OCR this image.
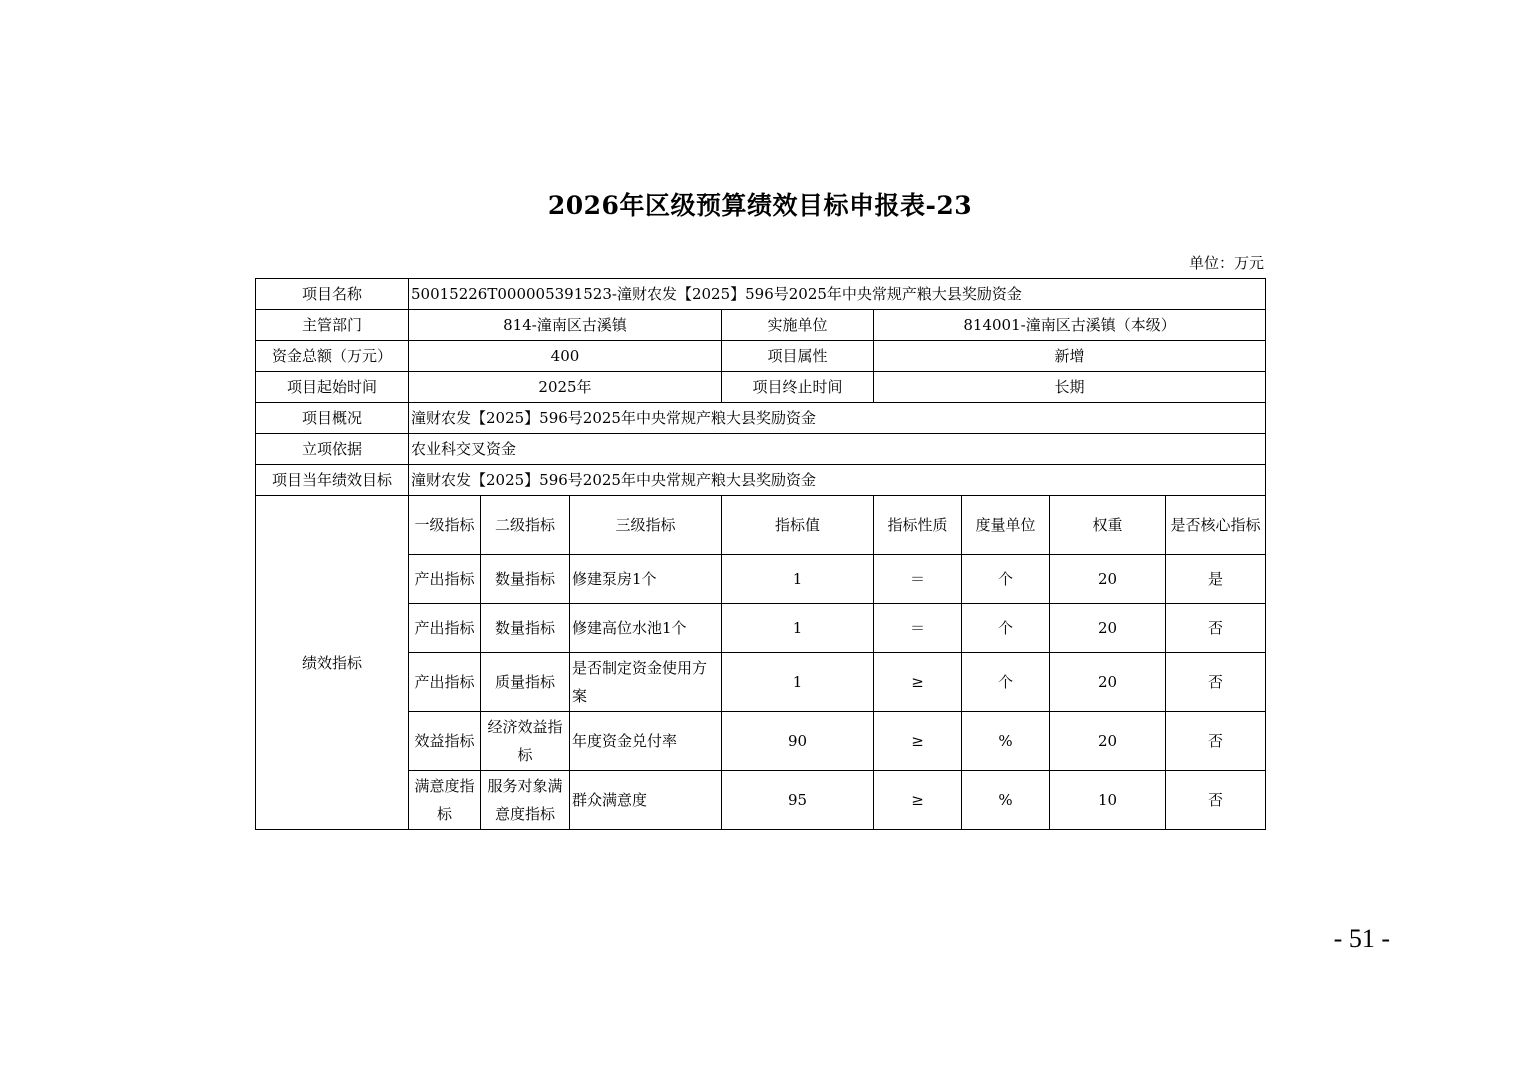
2026年区级预算绩效目标申报表-23
单位：万元
项目名称	50015226T000005391523-潼财农发【2025】596号2025年中央常规产粮大县奖励资金							
主管部门	814-潼南区古溪镇			实施单位	814001-潼南区古溪镇（本级）			
资金总额（万元）	400			项目属性	新增			
项目起始时间	2025年			项目终止时间	长期			
项目概况	潼财农发【2025】596号2025年中央常规产粮大县奖励资金							
立项依据	农业科交叉资金							
项目当年绩效目标	潼财农发【2025】596号2025年中央常规产粮大县奖励资金							
绩效指标	一级指标	二级指标	三级指标	指标值	指标性质	度量单位	权重	是否核心指标
	产出指标	数量指标	修建泵房1个	1	＝	个	20	是
	产出指标	数量指标	修建高位水池1个	1	＝	个	20	否
	产出指标	质量指标	是否制定资金使用方案	1	≥	个	20	否
	效益指标	经济效益指标	年度资金兑付率	90	≥	%	20	否
	满意度指标	服务对象满意度指标	群众满意度	95	≥	%	10	否
- 51 -
